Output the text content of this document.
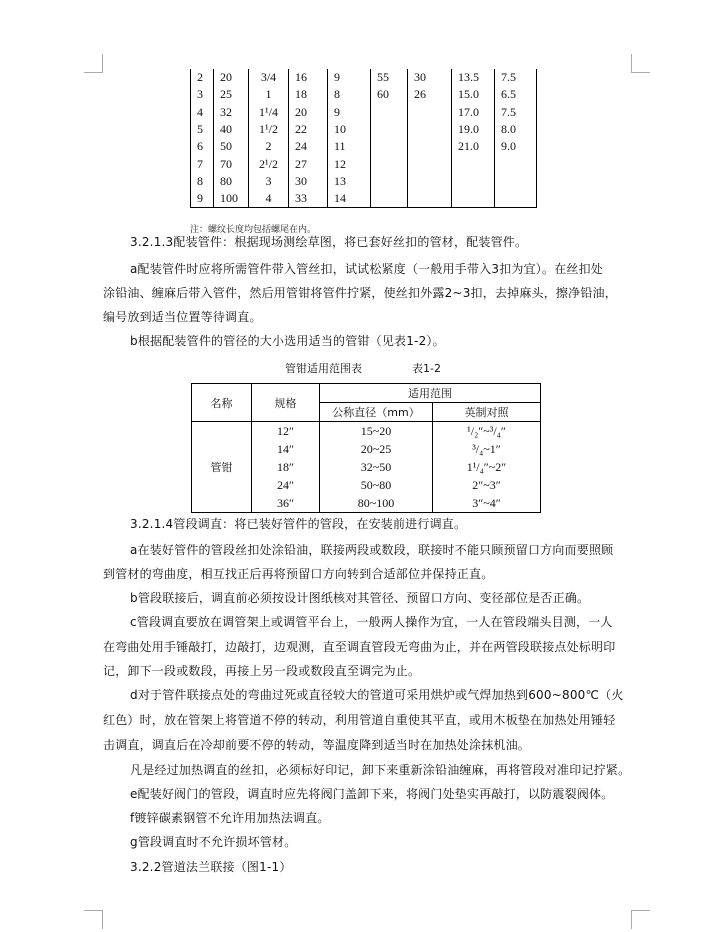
2	20	3/4	16	9	55	30	13.5	7.5
3	25	1	18	8	60	26	15.0	6.5
4	32	1¹/4	20	9			17.0	7.5
5	40	1¹/2	22	10			19.0	8.0
6	50	2	24	11			21.0	9.0
7	70	2¹/2	27	12				
8	80	3	30	13				
9	100	4	33	14				
注：螺纹长度均包括螺尾在内。
3.2.1.3配装管件：根据现场测绘草图，将已套好丝扣的管材，配装管件。
a配装管件时应将所需管件带入管丝扣，试试松紧度（一般用手带入3扣为宜）。在丝扣处
涂铅油、缠麻后带入管件，然后用管钳将管件拧紧，使丝扣外露2~3扣，去掉麻头，擦净铅油，
编号放到适当位置等待调直。
b根据配装管件的管径的大小选用适当的管钳（见表1-2）。
管钳适用范围表	表1-2
名称	规格	适用范围	
		公称直径（mm）	英制对照
管钳	12″	15~20	¹/₂″~³/₄″
	14″	20~25	³/₄~1″
	18″	32~50	1¹/₄″~2″
	24″	50~80	2″~3″
	36″	80~100	3″~4″
3.2.1.4管段调直：将已装好管件的管段，在安装前进行调直。
a在装好管件的管段丝扣处涂铅油，联接两段或数段，联接时不能只顾预留口方向而要照顾
到管材的弯曲度，相互找正后再将预留口方向转到合适部位并保持正直。
b管段联接后，调直前必须按设计图纸核对其管径、预留口方向、变径部位是否正确。
c管段调直要放在调管架上或调管平台上，一般两人操作为宜，一人在管段端头目测，一人
在弯曲处用手锤敲打，边敲打，边观测，直至调直管段无弯曲为止，并在两管段联接点处标明印
记，卸下一段或数段，再接上另一段或数段直至调完为止。
d对于管件联接点处的弯曲过死或直径较大的管道可采用烘炉或气焊加热到600~800℃（火
红色）时，放在管架上将管道不停的转动，利用管道自重使其平直，或用木板垫在加热处用锤轻
击调直，调直后在冷却前要不停的转动，等温度降到适当时在加热处涂抹机油。
凡是经过加热调直的丝扣，必须标好印记，卸下来重新涂铅油缠麻，再将管段对准印记拧紧。
e配装好阀门的管段，调直时应先将阀门盖卸下来，将阀门处垫实再敲打，以防震裂阀体。
f镀锌碳素钢管不允许用加热法调直。
g管段调直时不允许损坏管材。
3.2.2管道法兰联接（图1-1）
